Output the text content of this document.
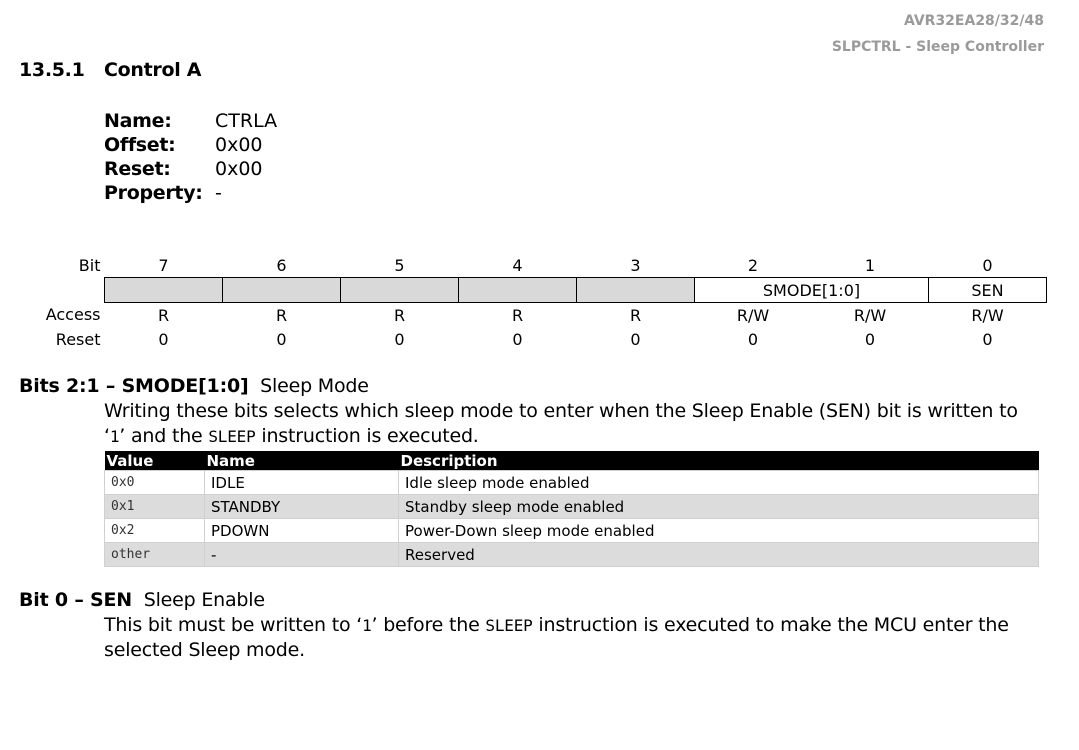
AVR32EA28/32/48
SLPCTRL - Sleep Controller
13.5.1 Control A
Name:	CTRLA
Offset:	0x00
Reset:	0x00
Property: -
Bit	7	6	5	4	3	2	1	0
						SMODE[1:0]		SEN
Access	R	R	R	R	R	R/W	R/W	R/W
Reset	0	0	0	0	0	0	0	0
Bits 2:1 – SMODE[1:0] Sleep Mode
Writing these bits selects which sleep mode to enter when the Sleep Enable (SEN) bit is written to ‘1’ and the SLEEP instruction is executed.
Value	Name	Description
0x0	IDLE	Idle sleep mode enabled
0x1	STANDBY	Standby sleep mode enabled
0x2	PDOWN	Power-Down sleep mode enabled
other	-	Reserved
Bit 0 – SEN Sleep Enable
This bit must be written to ‘1’ before the SLEEP instruction is executed to make the MCU enter the selected Sleep mode.
